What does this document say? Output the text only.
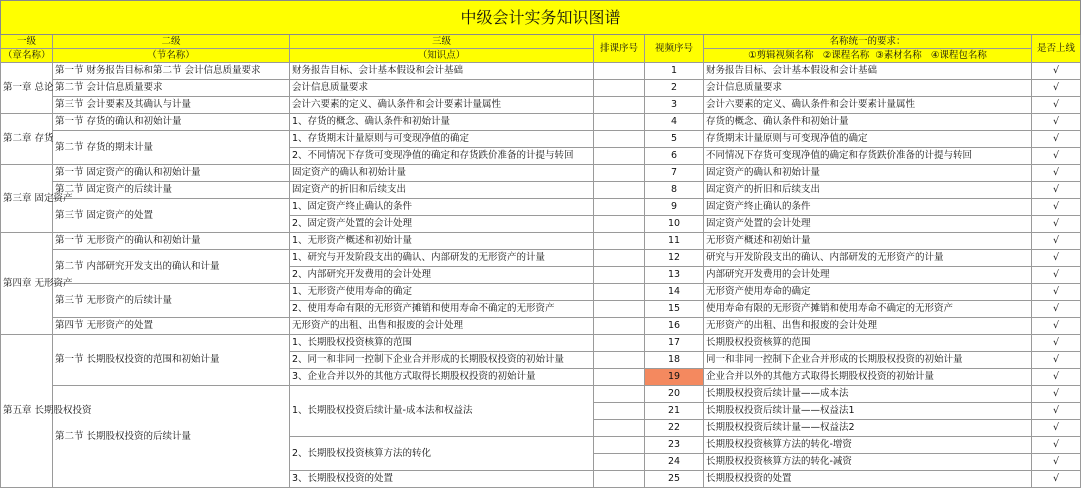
中级会计实务知识图谱						
一级	二级	三级	排课序号	视频序号	名称统一的要求：	是否上线
（章名称）	（节名称）	（知识点）			①剪辑视频名称   ②课程名称  ③素材名称   ④课程包名称	
第一章 总论	第一节 财务报告目标和第二节 会计信息质量要求	财务报告目标、会计基本假设和会计基础		1	财务报告目标、会计基本假设和会计基础	√
	第二节 会计信息质量要求	会计信息质量要求		2	会计信息质量要求	√
	第三节 会计要素及其确认与计量	会计六要素的定义、确认条件和会计要素计量属性		3	会计六要素的定义、确认条件和会计要素计量属性	√
第二章 存货	第一节 存货的确认和初始计量	1、存货的概念、确认条件和初始计量		4	存货的概念、确认条件和初始计量	√
	第二节 存货的期末计量	1、存货期末计量原则与可变现净值的确定		5	存货期末计量原则与可变现净值的确定	√
		2、不同情况下存货可变现净值的确定和存货跌价准备的计提与转回		6	不同情况下存货可变现净值的确定和存货跌价准备的计提与转回	√
第三章 固定资产	第一节 固定资产的确认和初始计量	固定资产的确认和初始计量		7	固定资产的确认和初始计量	√
	第二节 固定资产的后续计量	固定资产的折旧和后续支出		8	固定资产的折旧和后续支出	√
	第三节 固定资产的处置	1、固定资产终止确认的条件		9	固定资产终止确认的条件	√
		2、固定资产处置的会计处理		10	固定资产处置的会计处理	√
第四章 无形资产	第一节 无形资产的确认和初始计量	1、无形资产概述和初始计量		11	无形资产概述和初始计量	√
	第二节 内部研究开发支出的确认和计量	1、研究与开发阶段支出的确认、内部研发的无形资产的计量		12	研究与开发阶段支出的确认、内部研发的无形资产的计量	√
		2、内部研究开发费用的会计处理		13	内部研究开发费用的会计处理	√
	第三节 无形资产的后续计量	1、无形资产使用寿命的确定		14	无形资产使用寿命的确定	√
		2、使用寿命有限的无形资产摊销和使用寿命不确定的无形资产		15	使用寿命有限的无形资产摊销和使用寿命不确定的无形资产	√
	第四节 无形资产的处置	无形资产的出租、出售和报废的会计处理		16	无形资产的出租、出售和报废的会计处理	√
第五章 长期股权投资	第一节 长期股权投资的范围和初始计量	1、长期股权投资核算的范围		17	长期股权投资核算的范围	√
		2、同一和非同一控制下企业合并形成的长期股权投资的初始计量		18	同一和非同一控制下企业合并形成的长期股权投资的初始计量	√
		3、企业合并以外的其他方式取得长期股权投资的初始计量		19	企业合并以外的其他方式取得长期股权投资的初始计量	√
	第二节 长期股权投资的后续计量	1、长期股权投资后续计量-成本法和权益法		20	长期股权投资后续计量——成本法	√
				21	长期股权投资后续计量——权益法1	√
				22	长期股权投资后续计量——权益法2	√
		2、长期股权投资核算方法的转化		23	长期股权投资核算方法的转化-增资	√
				24	长期股权投资核算方法的转化-减资	√
		3、长期股权投资的处置		25	长期股权投资的处置	√
